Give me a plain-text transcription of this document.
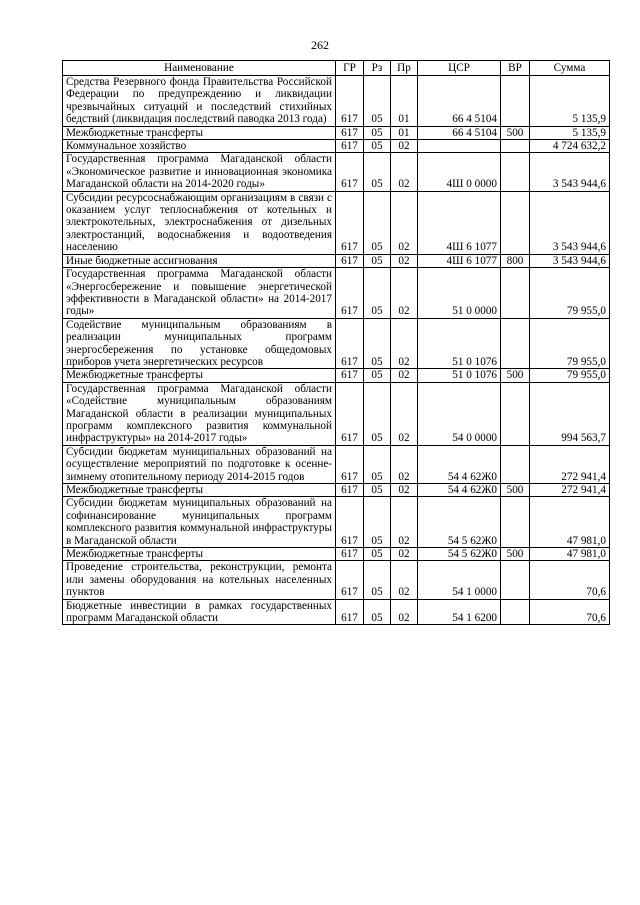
262
Наименование	ГР	Рз	Пр	ЦСР	ВР	Сумма
Средства Резервного фонда Правительства Российской Федерации по предупреждению и ликвидации чрезвычайных ситуаций и последствий стихийных бедствий (ликвидация последствий паводка 2013 года)	617	05	01	66 4 5104		5 135,9
Межбюджетные трансферты	617	05	01	66 4 5104	500	5 135,9
Коммунальное хозяйство	617	05	02			4 724 632,2
Государственная программа Магаданской области «Экономическое развитие и инновационная экономика Магаданской области на 2014-2020 годы»	617	05	02	4Ш 0 0000		3 543 944,6
Субсидии ресурсоснабжающим организациям в связи с оказанием услуг теплоснабжения от котельных и электрокотельных, электроснабжения от дизельных электростанций, водоснабжения и водоотведения населению	617	05	02	4Ш 6 1077		3 543 944,6
Иные бюджетные ассигнования	617	05	02	4Ш 6 1077	800	3 543 944,6
Государственная программа Магаданской области «Энергосбережение и повышение энергетической эффективности в Магаданской области» на 2014-2017 годы»	617	05	02	51 0 0000		79 955,0
Содействие муниципальным образованиям в реализации муниципальных программ энергосбережения по установке общедомовых приборов учета энергетических ресурсов	617	05	02	51 0 1076		79 955,0
Межбюджетные трансферты	617	05	02	51 0 1076	500	79 955,0
Государственная программа Магаданской области «Содействие муниципальным образованиям Магаданской области в реализации муниципальных программ комплексного развития коммунальной инфраструктуры» на 2014-2017 годы»	617	05	02	54 0 0000		994 563,7
Субсидии бюджетам муниципальных образований на осуществление мероприятий по подготовке к осенне-зимнему отопительному периоду 2014-2015 годов	617	05	02	54 4 62Ж0		272 941,4
Межбюджетные трансферты	617	05	02	54 4 62Ж0	500	272 941,4
Субсидии бюджетам муниципальных образований на софинансирование муниципальных программ комплексного развития коммунальной инфраструктуры в Магаданской области	617	05	02	54 5 62Ж0		47 981,0
Межбюджетные трансферты	617	05	02	54 5 62Ж0	500	47 981,0
Проведение строительства, реконструкции, ремонта или замены оборудования на котельных населенных пунктов	617	05	02	54 1 0000		70,6
Бюджетные инвестиции в рамках государственных программ Магаданской области	617	05	02	54 1 6200		70,6
